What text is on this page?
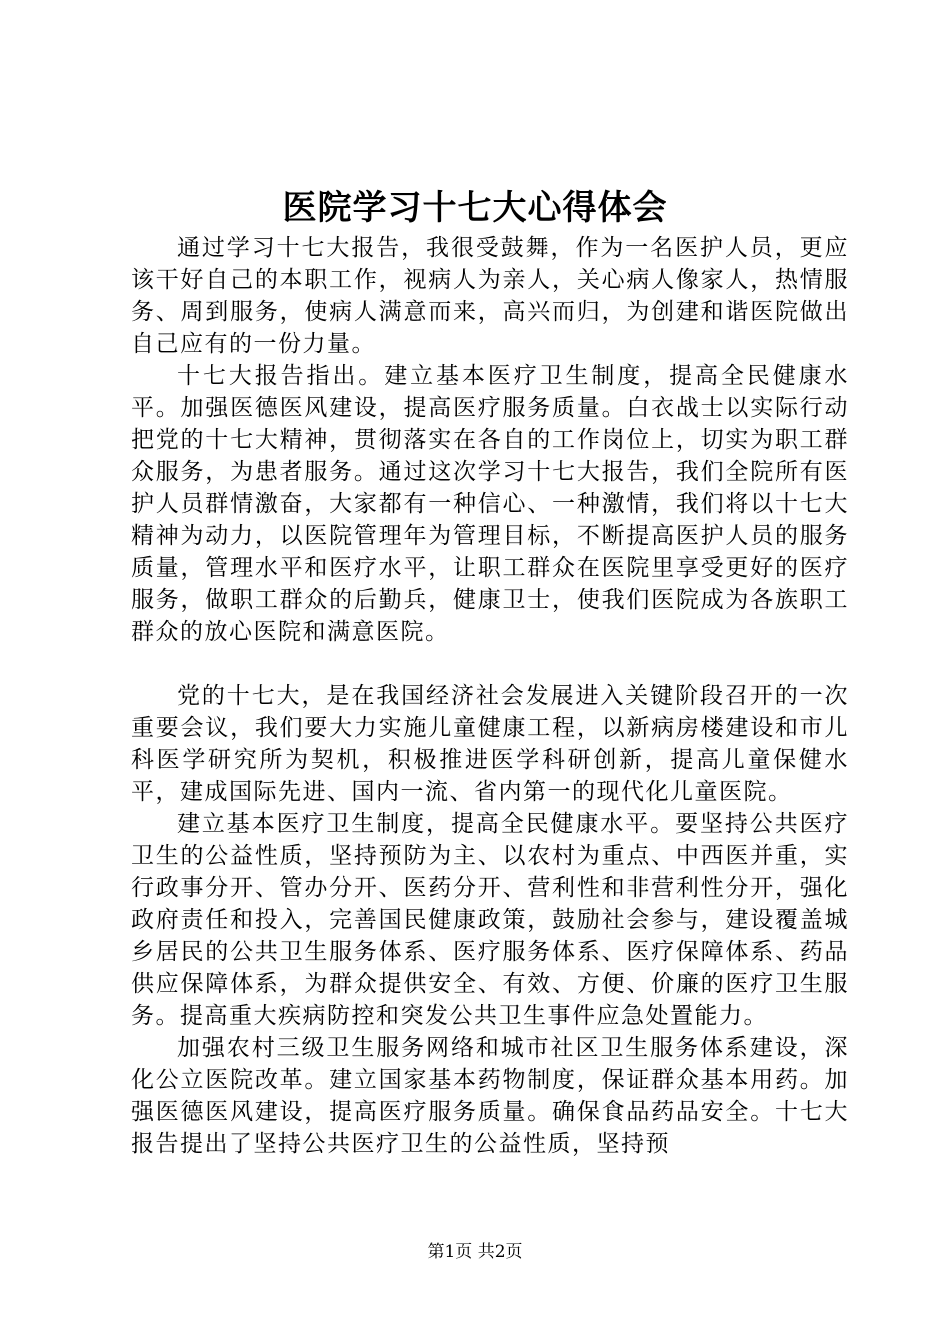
医院学习十七大心得体会

通过学习十七大报告，我很受鼓舞，作为一名医护人员，更应该干好自己的本职工作，视病人为亲人，关心病人像家人，热情服务、周到服务，使病人满意而来，高兴而归，为创建和谐医院做出自己应有的一份力量。

十七大报告指出。建立基本医疗卫生制度，提高全民健康水平。加强医德医风建设，提高医疗服务质量。白衣战士以实际行动把党的十七大精神，贯彻落实在各自的工作岗位上，切实为职工群众服务，为患者服务。通过这次学习十七大报告，我们全院所有医护人员群情激奋，大家都有一种信心、一种激情，我们将以十七大精神为动力，以医院管理年为管理目标，不断提高医护人员的服务质量，管理水平和医疗水平，让职工群众在医院里享受更好的医疗服务，做职工群众的后勤兵，健康卫士，使我们医院成为各族职工群众的放心医院和满意医院。

党的十七大，是在我国经济社会发展进入关键阶段召开的一次重要会议，我们要大力实施儿童健康工程，以新病房楼建设和市儿科医学研究所为契机，积极推进医学科研创新，提高儿童保健水平，建成国际先进、国内一流、省内第一的现代化儿童医院。

建立基本医疗卫生制度，提高全民健康水平。要坚持公共医疗卫生的公益性质，坚持预防为主、以农村为重点、中西医并重，实行政事分开、管办分开、医药分开、营利性和非营利性分开，强化政府责任和投入，完善国民健康政策，鼓励社会参与，建设覆盖城乡居民的公共卫生服务体系、医疗服务体系、医疗保障体系、药品供应保障体系，为群众提供安全、有效、方便、价廉的医疗卫生服务。提高重大疾病防控和突发公共卫生事件应急处置能力。

加强农村三级卫生服务网络和城市社区卫生服务体系建设，深化公立医院改革。建立国家基本药物制度，保证群众基本用药。加强医德医风建设，提高医疗服务质量。确保食品药品安全。十七大报告提出了坚持公共医疗卫生的公益性质，坚持预

第1页 共2页
